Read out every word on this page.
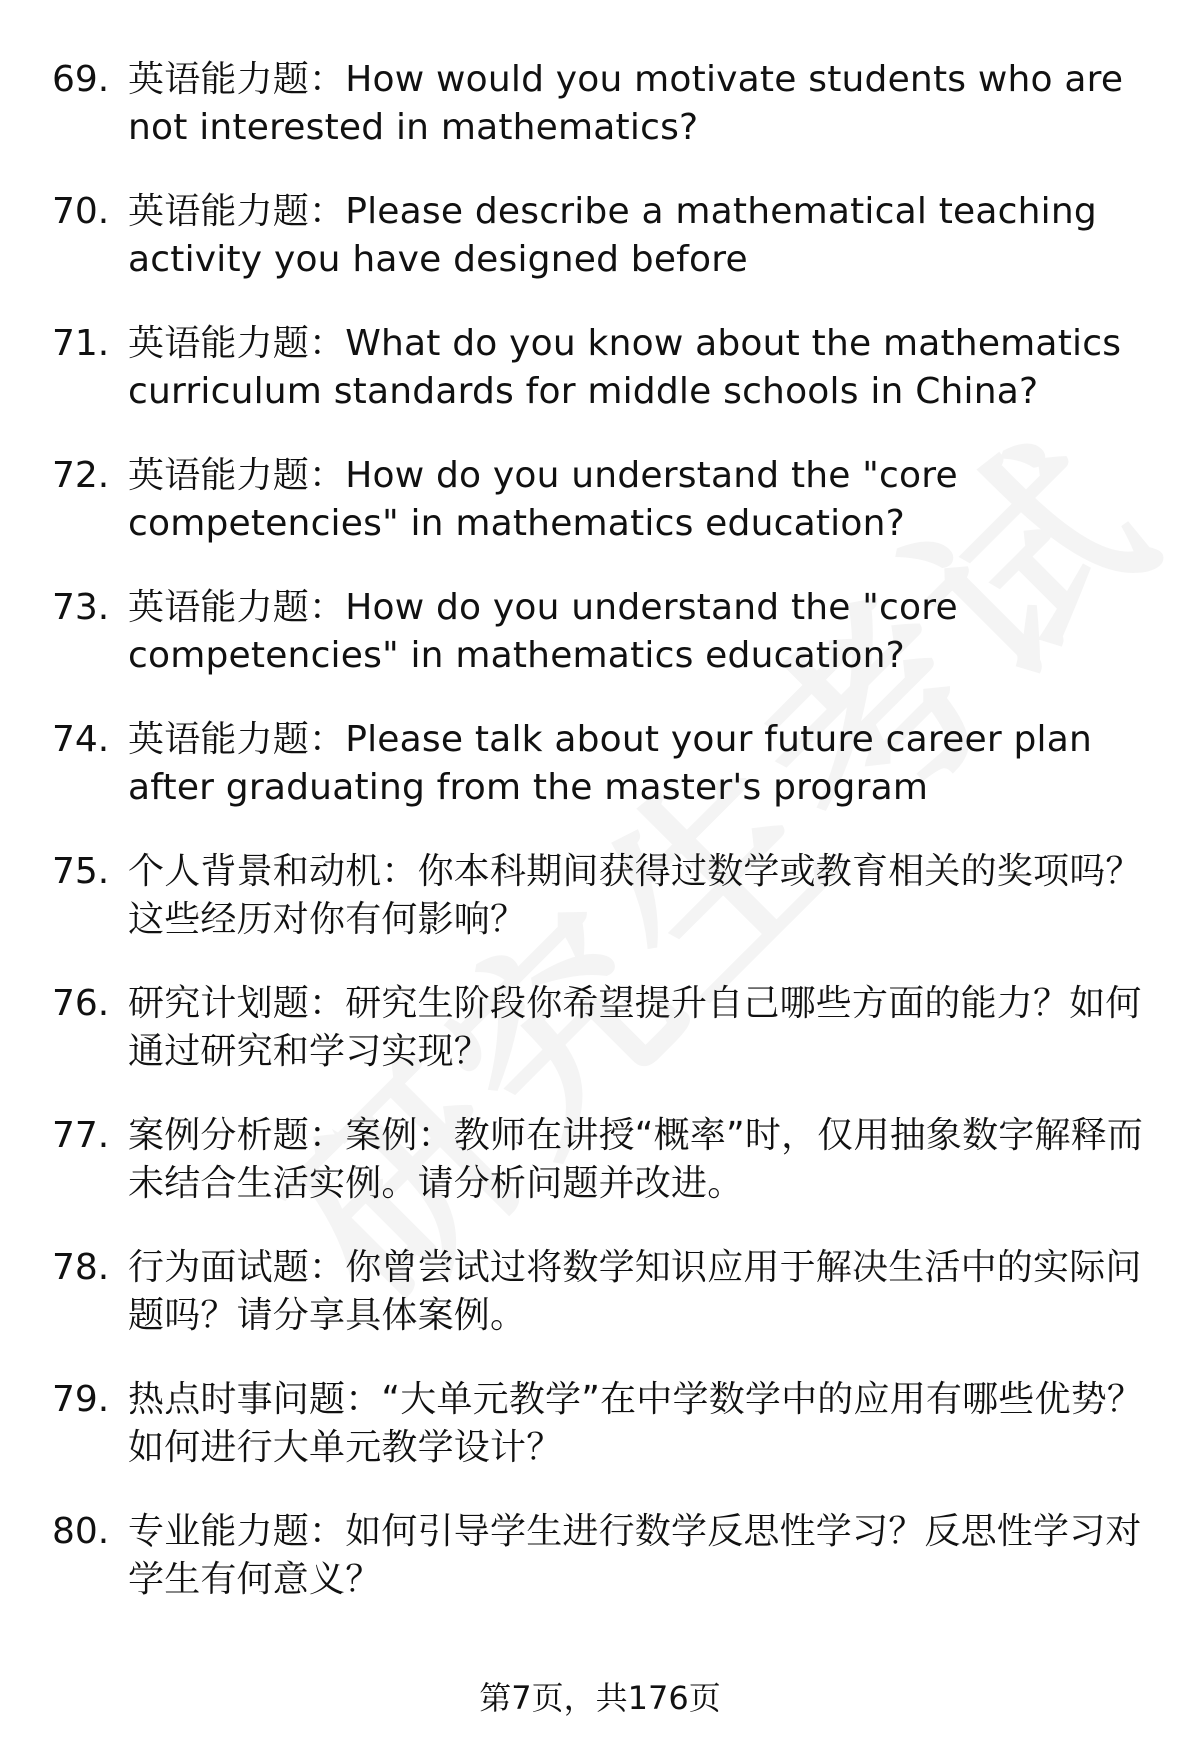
69. 英语能力题：How would you motivate students who are not interested in mathematics?
70. 英语能力题：Please describe a mathematical teaching activity you have designed before
71. 英语能力题：What do you know about the mathematics curriculum standards for middle schools in China?
72. 英语能力题：How do you understand the "core competencies" in mathematics education?
73. 英语能力题：How do you understand the "core competencies" in mathematics education?
74. 英语能力题：Please talk about your future career plan after graduating from the master's program
75. 个人背景和动机：你本科期间获得过数学或教育相关的奖项吗？这些经历对你有何影响？
76. 研究计划题：研究生阶段你希望提升自己哪些方面的能力？如何通过研究和学习实现？
77. 案例分析题：案例：教师在讲授“概率”时，仅用抽象数字解释而未结合生活实例。请分析问题并改进。
78. 行为面试题：你曾尝试过将数学知识应用于解决生活中的实际问题吗？请分享具体案例。
79. 热点时事问题：“大单元教学”在中学数学中的应用有哪些优势？如何进行大单元教学设计？
80. 专业能力题：如何引导学生进行数学反思性学习？反思性学习对学生有何意义？
第7页，共176页
